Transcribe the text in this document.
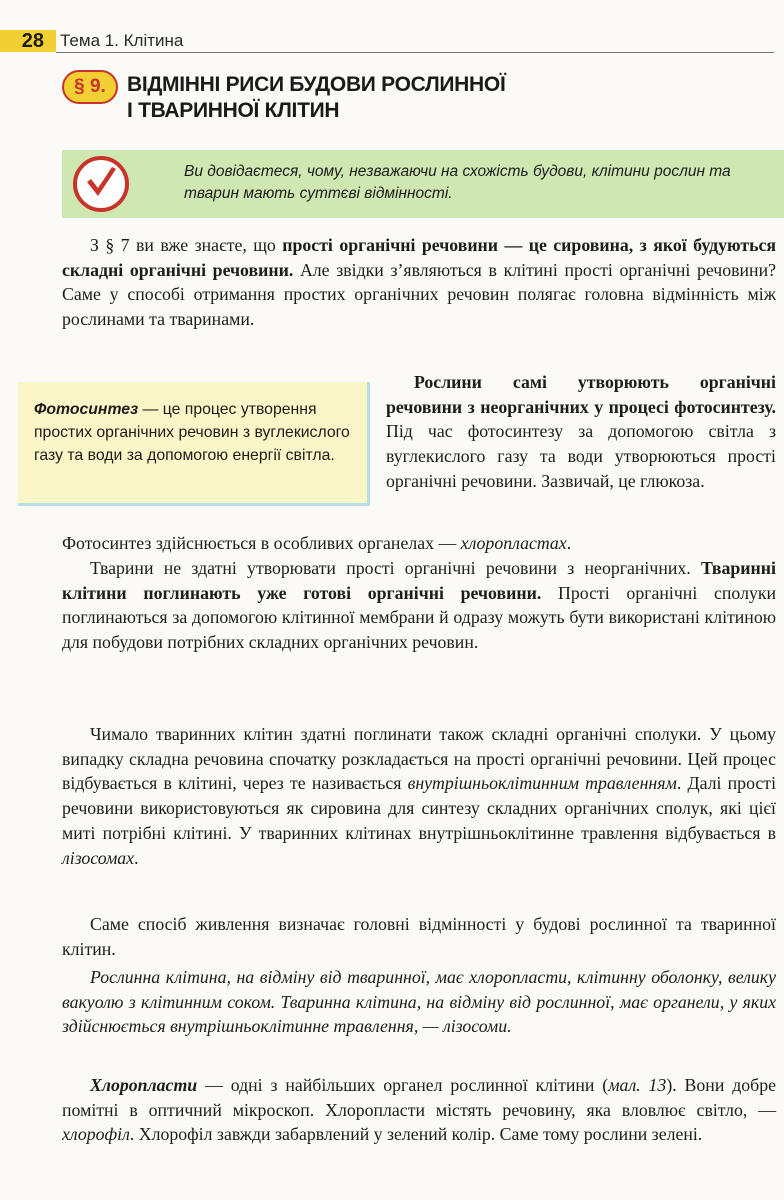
28 Тема 1. Клітина
§ 9.	ВІДМІННІ РИСИ БУДОВИ РОСЛИННОЇ
І ТВАРИННОЇ КЛІТИН
Ви довідаєтеся, чому, незважаючи на схожість будови, клітини рослин та тварин мають суттєві відмінності.

З § 7 ви вже знаєте, що прості органічні речовини — це сировина, з якої будуються складні органічні речовини. Але звідки з’являються в клітині прості органічні речовини? Саме у способі отримання простих органічних речовин полягає головна відмінність між рослинами та тваринами.

Фотосинтез — це процес утворення простих органічних речовин з вуглекислого газу та води за допомогою енергії світла.

Рослини самі утворюють органічні речовини з неорганічних у процесі фотосинтезу. Під час фотосинтезу за допомогою світла з вуглекислого газу та води утворюються прості органічні речовини. Зазвичай, це глюкоза.

Фотосинтез здійснюється в особливих органелах — хлоропластах.

Тварини не здатні утворювати прості органічні речовини з неорганічних. Тваринні клітини поглинають уже готові органічні речовини. Прості органічні сполуки поглинаються за допомогою клітинної мембрани й одразу можуть бути використані клітиною для побудови потрібних складних органічних речовин.

Чимало тваринних клітин здатні поглинати також складні органічні сполуки. У цьому випадку складна речовина спочатку розкладається на прості органічні речовини. Цей процес відбувається в клітині, через те називається внутрішньоклітинним травленням. Далі прості речовини використовуються як сировина для синтезу складних органічних сполук, які цієї миті потрібні клітині. У тваринних клітинах внутрішньоклітинне травлення відбувається в лізосомах.

Саме спосіб живлення визначає головні відмінності у будові рослинної та тваринної клітин.

Рослинна клітина, на відміну від тваринної, має хлоропласти, клітинну оболонку, велику вакуолю з клітинним соком. Тваринна клітина, на відміну від рослинної, має органели, у яких здійснюється внутрішньоклітинне травлення, — лізосоми.

Хлоропласти — одні з найбільших органел рослинної клітини (мал. 13). Вони добре помітні в оптичний мікроскоп. Хлоропласти містять речовину, яка вловлює світло, — хлорофіл. Хлорофіл завжди забарвлений у зелений колір. Саме тому рослини зелені.
